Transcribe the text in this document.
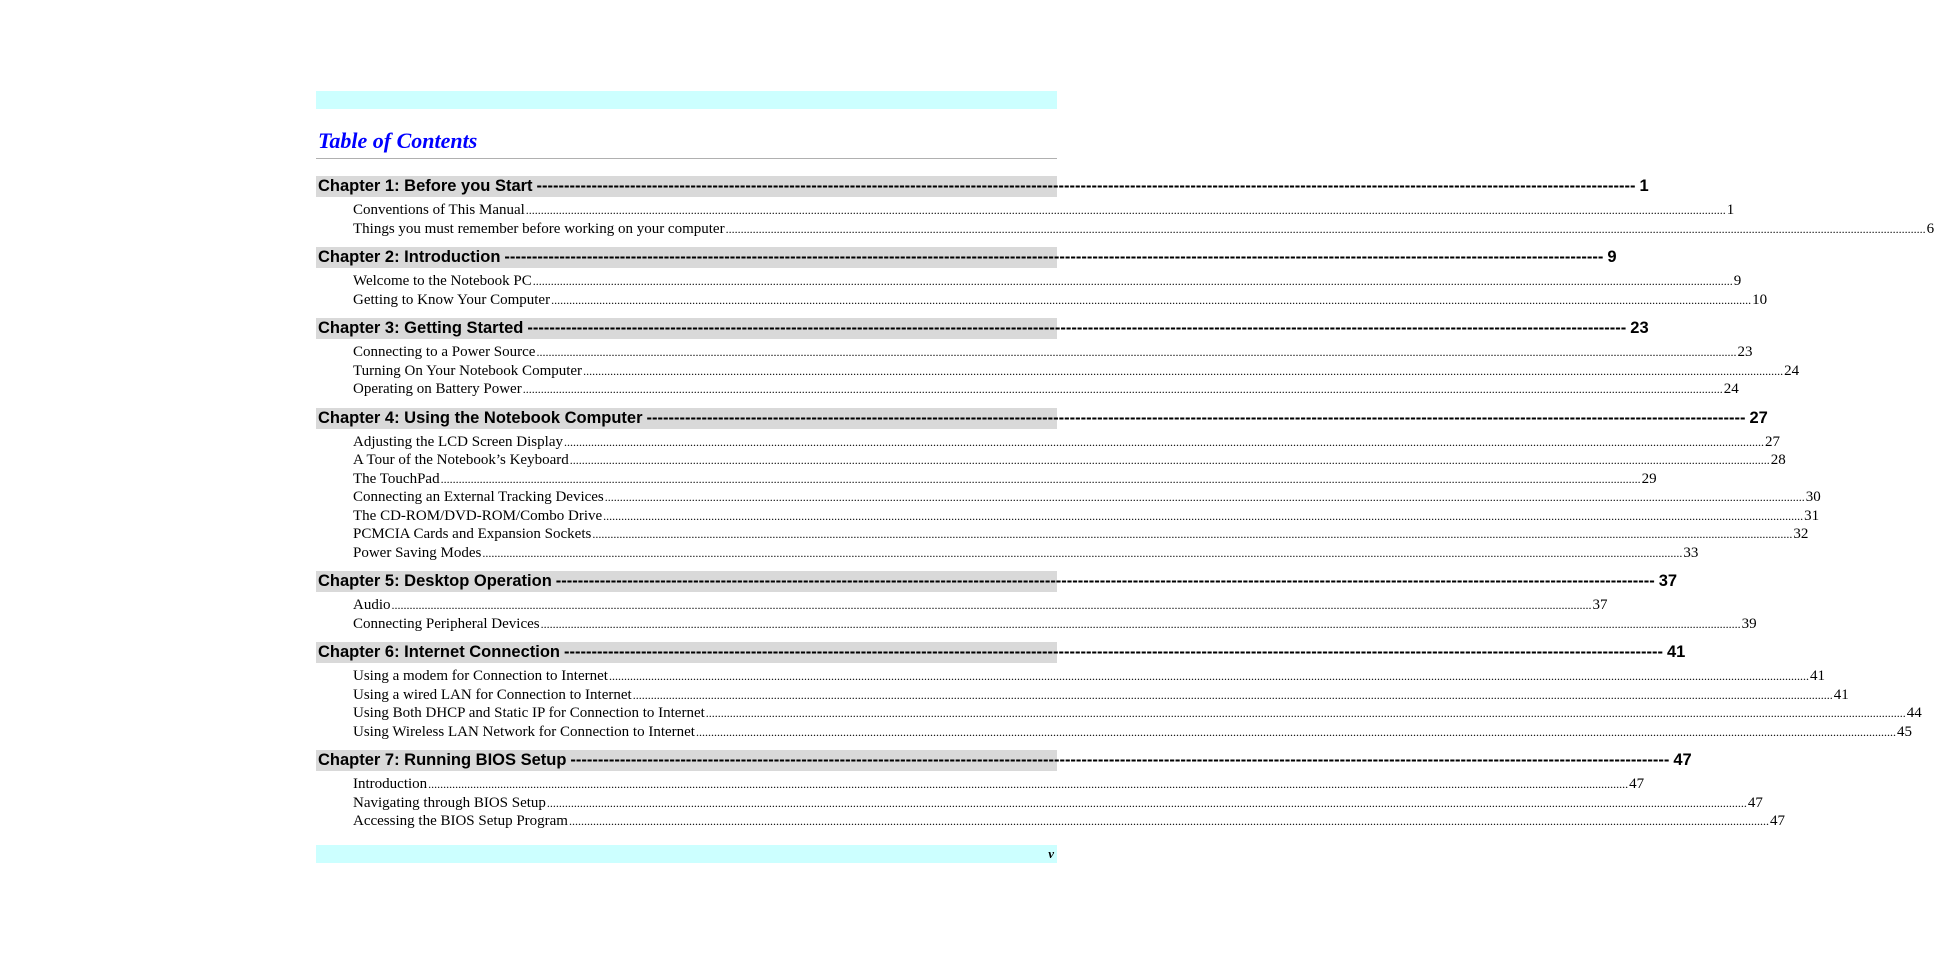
Table of Contents
Chapter 1: Before you Start -------------------------------------------------------------------------------------------------------------------------------------------------------------------------------------------------------- 1
Conventions of This Manual ................................................................................................................................................................................................................................................................................................................................................................................................................ 1
Things you must remember before working on your computer ................................................................................................................................................................................................................................................................................................................................................................................................................ 6
Chapter 2: Introduction -------------------------------------------------------------------------------------------------------------------------------------------------------------------------------------------------------- 9
Welcome to the Notebook PC ................................................................................................................................................................................................................................................................................................................................................................................................................ 9
Getting to Know Your Computer ................................................................................................................................................................................................................................................................................................................................................................................................................ 10
Chapter 3: Getting Started -------------------------------------------------------------------------------------------------------------------------------------------------------------------------------------------------------- 23
Connecting to a Power Source ................................................................................................................................................................................................................................................................................................................................................................................................................ 23
Turning On Your Notebook Computer ................................................................................................................................................................................................................................................................................................................................................................................................................ 24
Operating on Battery Power ................................................................................................................................................................................................................................................................................................................................................................................................................ 24
Chapter 4: Using the Notebook Computer -------------------------------------------------------------------------------------------------------------------------------------------------------------------------------------------------------- 27
Adjusting the LCD Screen Display ................................................................................................................................................................................................................................................................................................................................................................................................................ 27
A Tour of the Notebook’s Keyboard ................................................................................................................................................................................................................................................................................................................................................................................................................ 28
The TouchPad ................................................................................................................................................................................................................................................................................................................................................................................................................ 29
Connecting an External Tracking Devices ................................................................................................................................................................................................................................................................................................................................................................................................................ 30
The CD-ROM/DVD-ROM/Combo Drive ................................................................................................................................................................................................................................................................................................................................................................................................................ 31
PCMCIA Cards and Expansion Sockets ................................................................................................................................................................................................................................................................................................................................................................................................................ 32
Power Saving Modes ................................................................................................................................................................................................................................................................................................................................................................................................................ 33
Chapter 5: Desktop Operation -------------------------------------------------------------------------------------------------------------------------------------------------------------------------------------------------------- 37
Audio ................................................................................................................................................................................................................................................................................................................................................................................................................ 37
Connecting Peripheral Devices ................................................................................................................................................................................................................................................................................................................................................................................................................ 39
Chapter 6: Internet Connection -------------------------------------------------------------------------------------------------------------------------------------------------------------------------------------------------------- 41
Using a modem for Connection to Internet ................................................................................................................................................................................................................................................................................................................................................................................................................ 41
Using a wired LAN for Connection to Internet ................................................................................................................................................................................................................................................................................................................................................................................................................ 41
Using Both DHCP and Static IP for Connection to Internet ................................................................................................................................................................................................................................................................................................................................................................................................................ 44
Using Wireless LAN Network for Connection to Internet ................................................................................................................................................................................................................................................................................................................................................................................................................ 45
Chapter 7: Running BIOS Setup -------------------------------------------------------------------------------------------------------------------------------------------------------------------------------------------------------- 47
Introduction ................................................................................................................................................................................................................................................................................................................................................................................................................ 47
Navigating through BIOS Setup ................................................................................................................................................................................................................................................................................................................................................................................................................ 47
Accessing the BIOS Setup Program ................................................................................................................................................................................................................................................................................................................................................................................................................ 47
v
